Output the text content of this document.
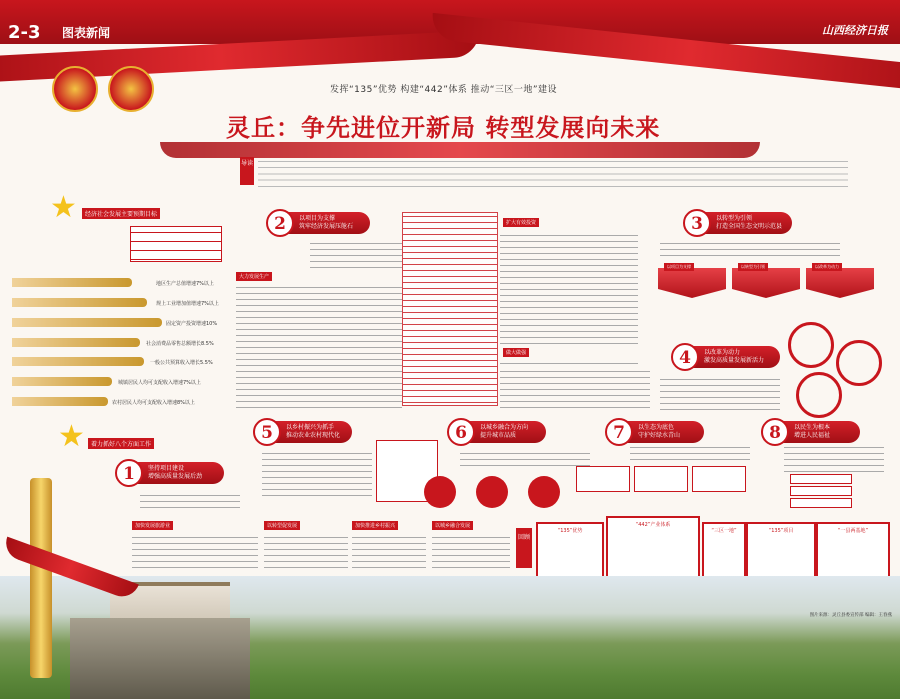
2-3 图表新闻	山西经济日报
发挥“135”优势 构建“442”体系 推动“三区一地”建设
灵丘：争先进位开新局 转型发展向未来
导读
★	经济社会发展主要预期目标
地区生产总值增速7%以上
规上工业增加值增速7%以上
固定资产投资增速10%
社会消费品零售总额增长8.5%
一般公共预算收入增长5.5%
城镇居民人均可支配收入增速7%以上
农村居民人均可支配收入增速8%以上
以项目为支撑
筑牢经济发展压舱石
2
大力发展生产
扩大有效投资
做大做强
以转型为引领
打造全国生态文明示范县
3
以项目为支撑	以转型为引领	以改革为动力
以改革为动力
激发高质量发展新活力
4
★	着力抓好八个方面工作
坚持项目建设
增强高质量发展后劲
1
以乡村振兴为抓手
推动农业农村现代化
5	以城乡融合为方向
提升城市品质
6	以生态为底色
守护好绿水青山
7	以民生为根本
增进人民福祉
8
加快发展旅游业	以转型促发展	加快推进乡村振兴	以城乡融合发展
回顾
“135”优势
“442”产业体系
“三区一地”	“135”项目	“一县两基地”
图片来源：灵丘县委宣传部 编辑：王春燕
